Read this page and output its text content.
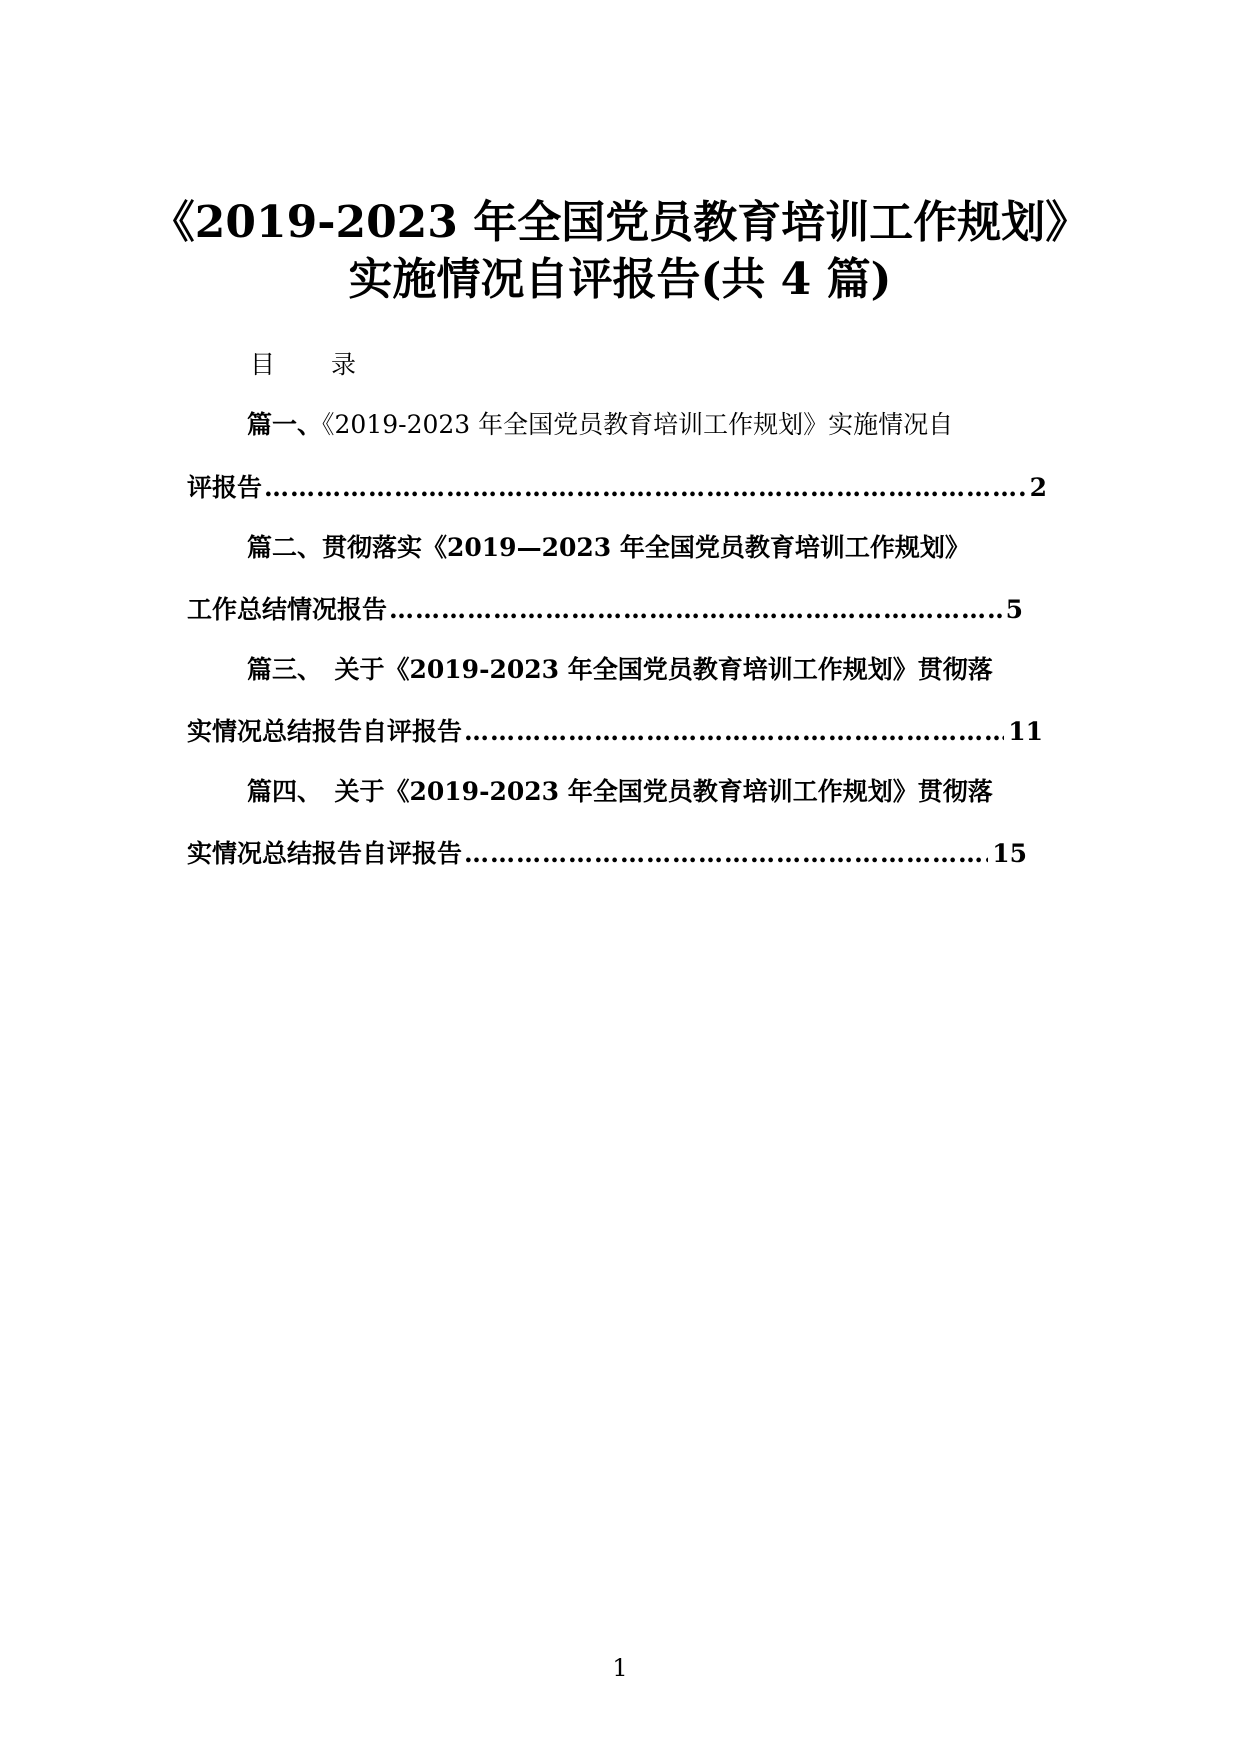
《2019-2023 年全国党员教育培训工作规划》
实施情况自评报告(共 4 篇)
目 录
篇一、《2019-2023 年全国党员教育培训工作规划》实施情况自
评报告 …………………………………………………………………………………………………………………………………………………………	2
篇二、贯彻落实《2019—2023 年全国党员教育培训工作规划》
工作总结情况报告 …………………………………………………………………………………………………………………………………………………………	5
篇三、　关于《2019-2023 年全国党员教育培训工作规划》贯彻落
实情况总结报告自评报告 …………………………………………………………………………………………………………………………………………………………	11
篇四、　关于《2019-2023 年全国党员教育培训工作规划》贯彻落
实情况总结报告自评报告 …………………………………………………………………………………………………………………………………………………………	15
1
